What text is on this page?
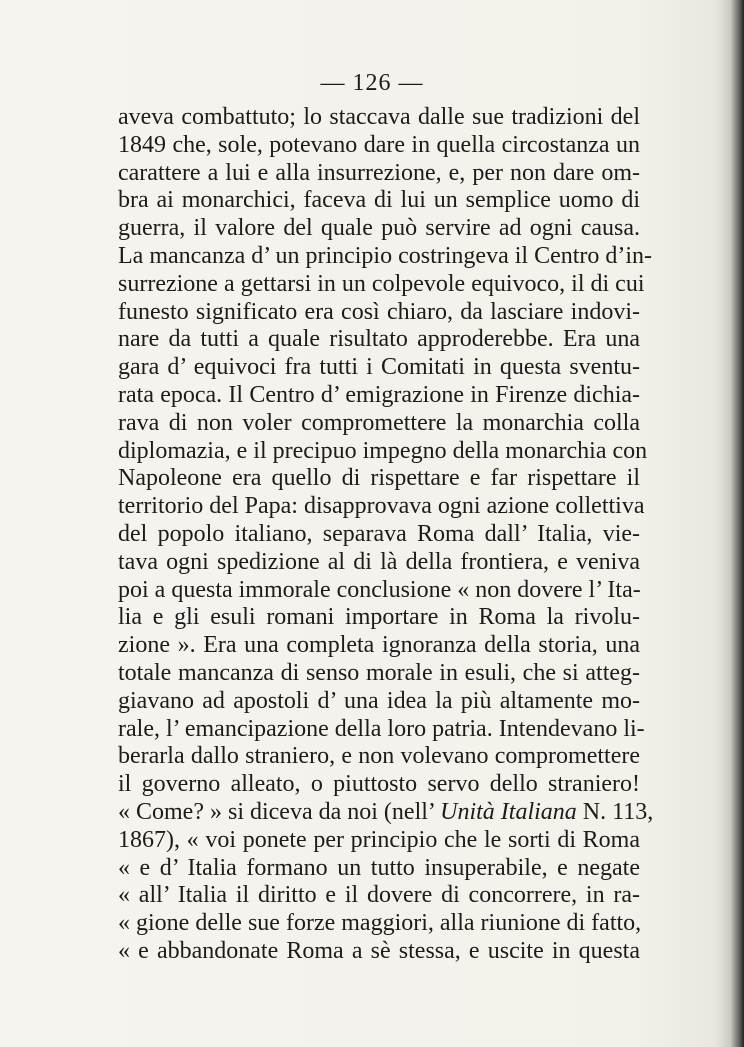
— 126 —
aveva combattuto; lo staccava dalle sue tradizioni del
1849 che, sole, potevano dare in quella circostanza un
carattere a lui e alla insurrezione, e, per non dare om-
bra ai monarchici, faceva di lui un semplice uomo di
guerra, il valore del quale può servire ad ogni causa.
La mancanza d’ un principio costringeva il Centro d’in-
surrezione a gettarsi in un colpevole equivoco, il di cui
funesto significato era così chiaro, da lasciare indovi-
nare da tutti a quale risultato approderebbe. Era una
gara d’ equivoci fra tutti i Comitati in questa sventu-
rata epoca. Il Centro d’ emigrazione in Firenze dichia-
rava di non voler compromettere la monarchia colla
diplomazia, e il precipuo impegno della monarchia con
Napoleone era quello di rispettare e far rispettare il
territorio del Papa: disapprovava ogni azione collettiva
del popolo italiano, separava Roma dall’ Italia, vie-
tava ogni spedizione al di là della frontiera, e veniva
poi a questa immorale conclusione « non dovere l’ Ita-
lia e gli esuli romani importare in Roma la rivolu-
zione ». Era una completa ignoranza della storia, una
totale mancanza di senso morale in esuli, che si atteg-
giavano ad apostoli d’ una idea la più altamente mo-
rale, l’ emancipazione della loro patria. Intendevano li-
berarla dallo straniero, e non volevano compromettere
il governo alleato, o piuttosto servo dello straniero!
« Come? » si diceva da noi (nell’ Unità Italiana N. 113,
1867), « voi ponete per principio che le sorti di Roma
« e d’ Italia formano un tutto insuperabile, e negate
« all’ Italia il diritto e il dovere di concorrere, in ra-
« gione delle sue forze maggiori, alla riunione di fatto,
« e abbandonate Roma a sè stessa, e uscite in questa
